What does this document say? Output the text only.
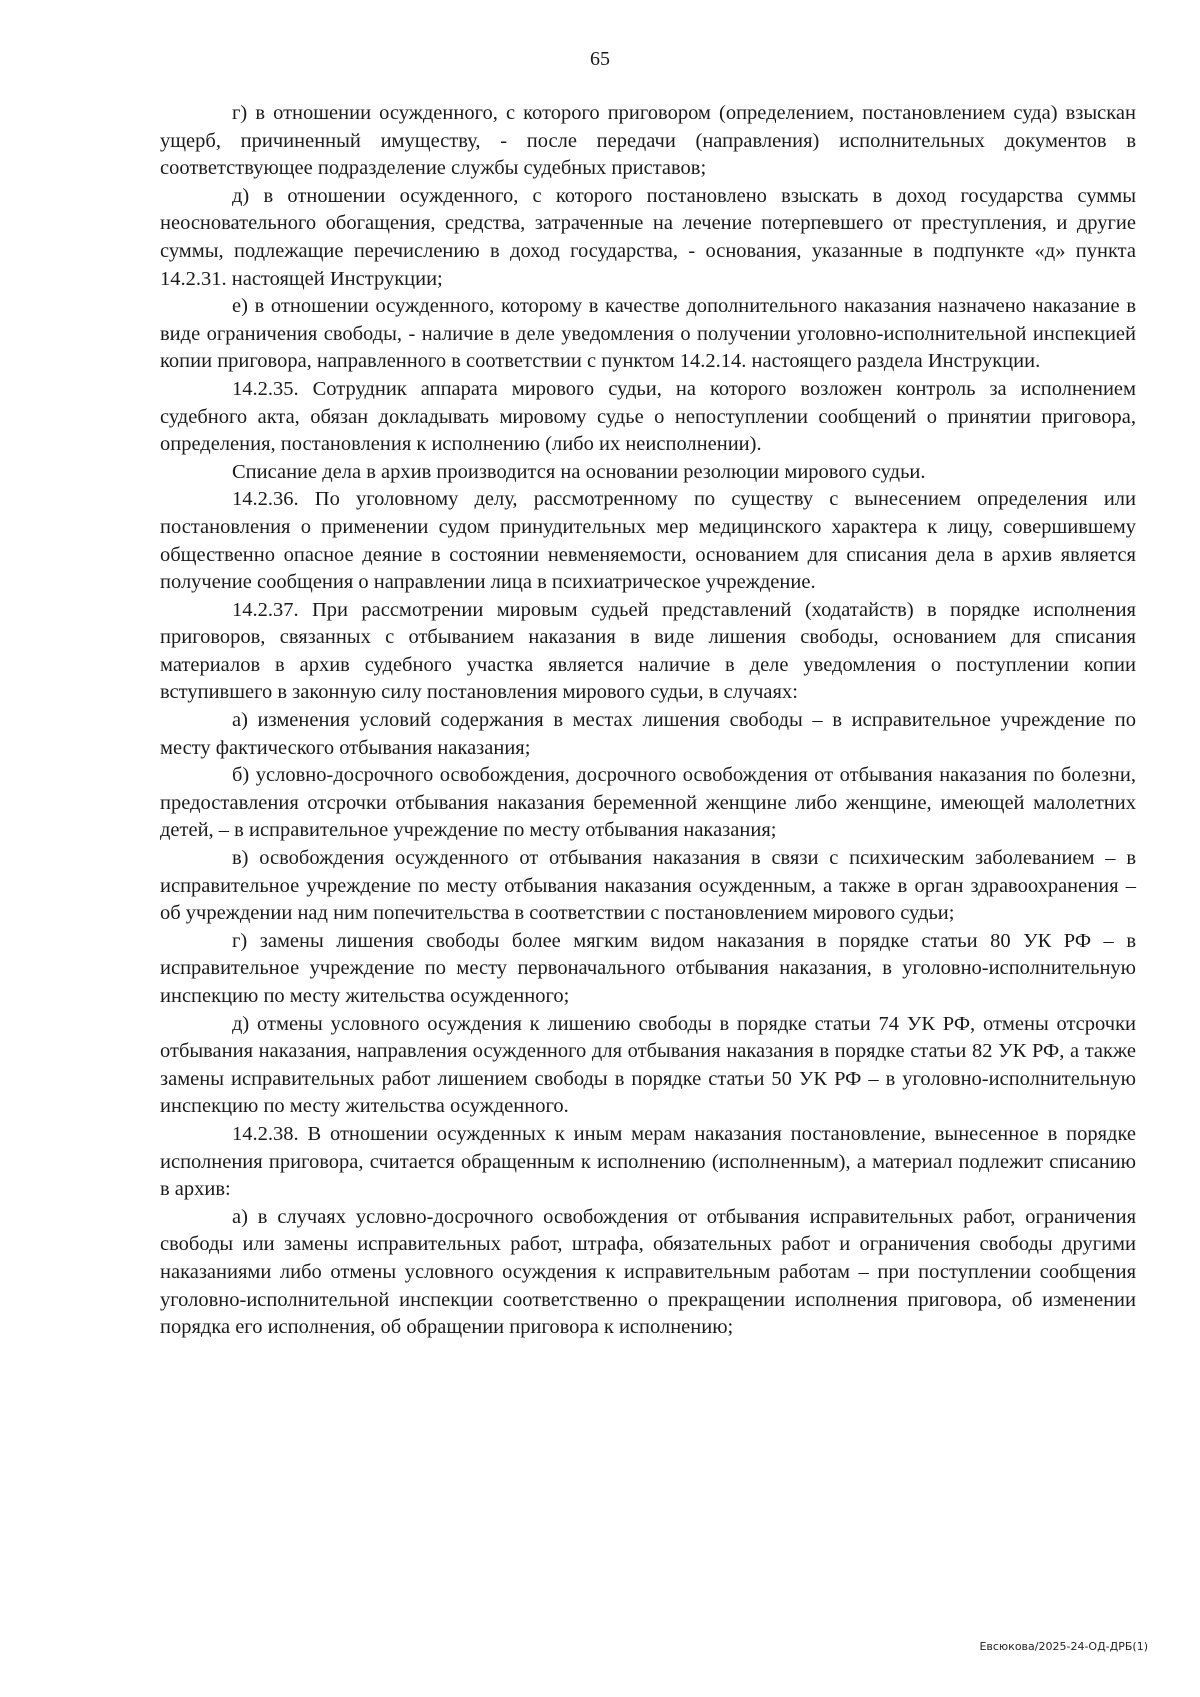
65

г) в отношении осужденного, с которого приговором (определением, постановлением суда) взыскан ущерб, причиненный имуществу, - после передачи (направления) исполнительных документов в соответствующее подразделение службы судебных приставов;

д) в отношении осужденного, с которого постановлено взыскать в доход государства суммы неосновательного обогащения, средства, затраченные на лечение потерпевшего от преступления, и другие суммы, подлежащие перечислению в доход государства, - основания, указанные в подпункте «д» пункта 14.2.31. настоящей Инструкции;

е) в отношении осужденного, которому в качестве дополнительного наказания назначено наказание в виде ограничения свободы, - наличие в деле уведомления о получении уголовно-исполнительной инспекцией копии приговора, направленного в соответствии с пунктом 14.2.14. настоящего раздела Инструкции.

14.2.35. Сотрудник аппарата мирового судьи, на которого возложен контроль за исполнением судебного акта, обязан докладывать мировому судье о непоступлении сообщений о принятии приговора, определения, постановления к исполнению (либо их неисполнении).

Списание дела в архив производится на основании резолюции мирового судьи.

14.2.36. По уголовному делу, рассмотренному по существу с вынесением определения или постановления о применении судом принудительных мер медицинского характера к лицу, совершившему общественно опасное деяние в состоянии невменяемости, основанием для списания дела в архив является получение сообщения о направлении лица в психиатрическое учреждение.

14.2.37. При рассмотрении мировым судьей представлений (ходатайств) в порядке исполнения приговоров, связанных с отбыванием наказания в виде лишения свободы, основанием для списания материалов в архив судебного участка является наличие в деле уведомления о поступлении копии вступившего в законную силу постановления мирового судьи, в случаях:

а) изменения условий содержания в местах лишения свободы – в исправительное учреждение по месту фактического отбывания наказания;

б) условно-досрочного освобождения, досрочного освобождения от отбывания наказания по болезни, предоставления отсрочки отбывания наказания беременной женщине либо женщине, имеющей малолетних детей, – в исправительное учреждение по месту отбывания наказания;

в) освобождения осужденного от отбывания наказания в связи с психическим заболеванием – в исправительное учреждение по месту отбывания наказания осужденным, а также в орган здравоохранения – об учреждении над ним попечительства в соответствии с постановлением мирового судьи;

г) замены лишения свободы более мягким видом наказания в порядке статьи 80 УК РФ – в исправительное учреждение по месту первоначального отбывания наказания, в уголовно-исполнительную инспекцию по месту жительства осужденного;

д) отмены условного осуждения к лишению свободы в порядке статьи 74 УК РФ, отмены отсрочки отбывания наказания, направления осужденного для отбывания наказания в порядке статьи 82 УК РФ, а также замены исправительных работ лишением свободы в порядке статьи 50 УК РФ – в уголовно-исполнительную инспекцию по месту жительства осужденного.

14.2.38. В отношении осужденных к иным мерам наказания постановление, вынесенное в порядке исполнения приговора, считается обращенным к исполнению (исполненным), а материал подлежит списанию в архив:

а) в случаях условно-досрочного освобождения от отбывания исправительных работ, ограничения свободы или замены исправительных работ, штрафа, обязательных работ и ограничения свободы другими наказаниями либо отмены условного осуждения к исправительным работам – при поступлении сообщения уголовно-исполнительной инспекции соответственно о прекращении исполнения приговора, об изменении порядка его исполнения, об обращении приговора к исполнению;

Евсюкова/2025-24-ОД-ДРБ(1)
